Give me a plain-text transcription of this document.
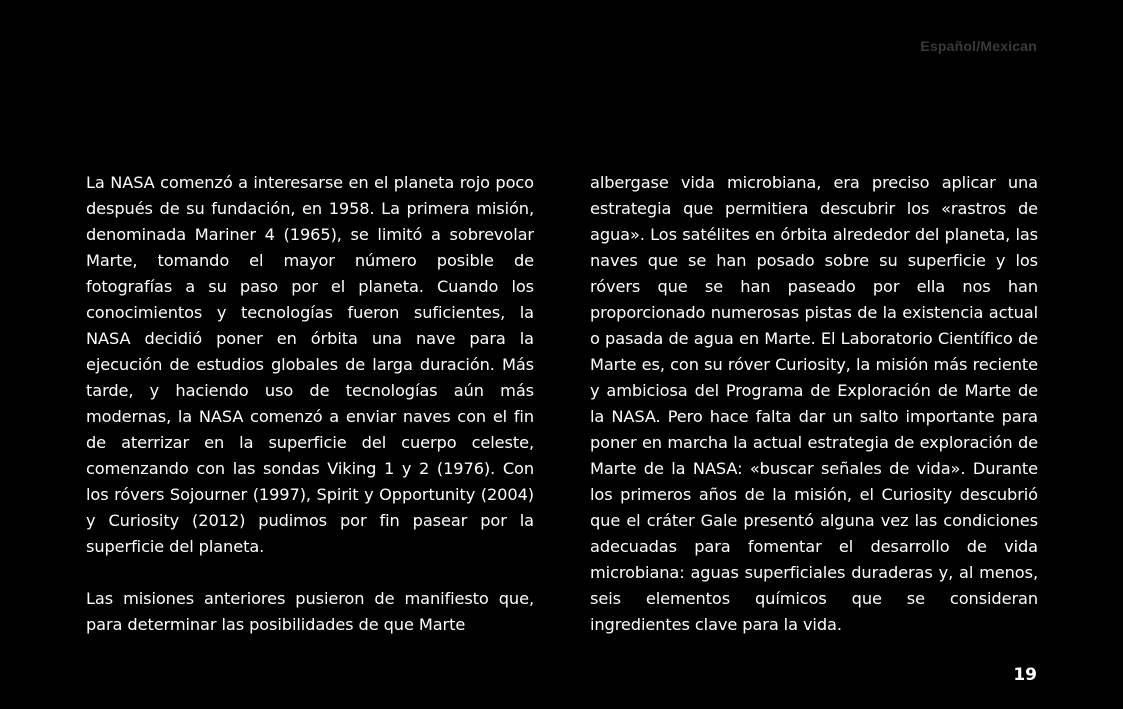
Español/Mexican

La NASA comenzó a interesarse en el planeta rojo poco después de su fundación, en 1958. La primera misión, denominada Mariner 4 (1965), se limitó a sobrevolar Marte, tomando el mayor número posible de fotografías a su paso por el planeta. Cuando los conocimientos y tecnologías fueron suficientes, la NASA decidió poner en órbita una nave para la ejecución de estudios globales de larga duración. Más tarde, y haciendo uso de tecnologías aún más modernas, la NASA comenzó a enviar naves con el fin de aterrizar en la superficie del cuerpo celeste, comenzando con las sondas Viking 1 y 2 (1976). Con los róvers Sojourner (1997), Spirit y Opportunity (2004) y Curiosity (2012) pudimos por fin pasear por la superficie del planeta.

Las misiones anteriores pusieron de manifiesto que, para determinar las posibilidades de que Marte

albergase vida microbiana, era preciso aplicar una estrategia que permitiera descubrir los «rastros de agua». Los satélites en órbita alrededor del planeta, las naves que se han posado sobre su superficie y los róvers que se han paseado por ella nos han proporcionado numerosas pistas de la existencia actual o pasada de agua en Marte. El Laboratorio Científico de Marte es, con su róver Curiosity, la misión más reciente y ambiciosa del Programa de Exploración de Marte de la NASA. Pero hace falta dar un salto importante para poner en marcha la actual estrategia de exploración de Marte de la NASA: «buscar señales de vida». Durante los primeros años de la misión, el Curiosity descubrió que el cráter Gale presentó alguna vez las condiciones adecuadas para fomentar el desarrollo de vida microbiana: aguas superficiales duraderas y, al menos, seis elementos químicos que se consideran ingredientes clave para la vida.

19
